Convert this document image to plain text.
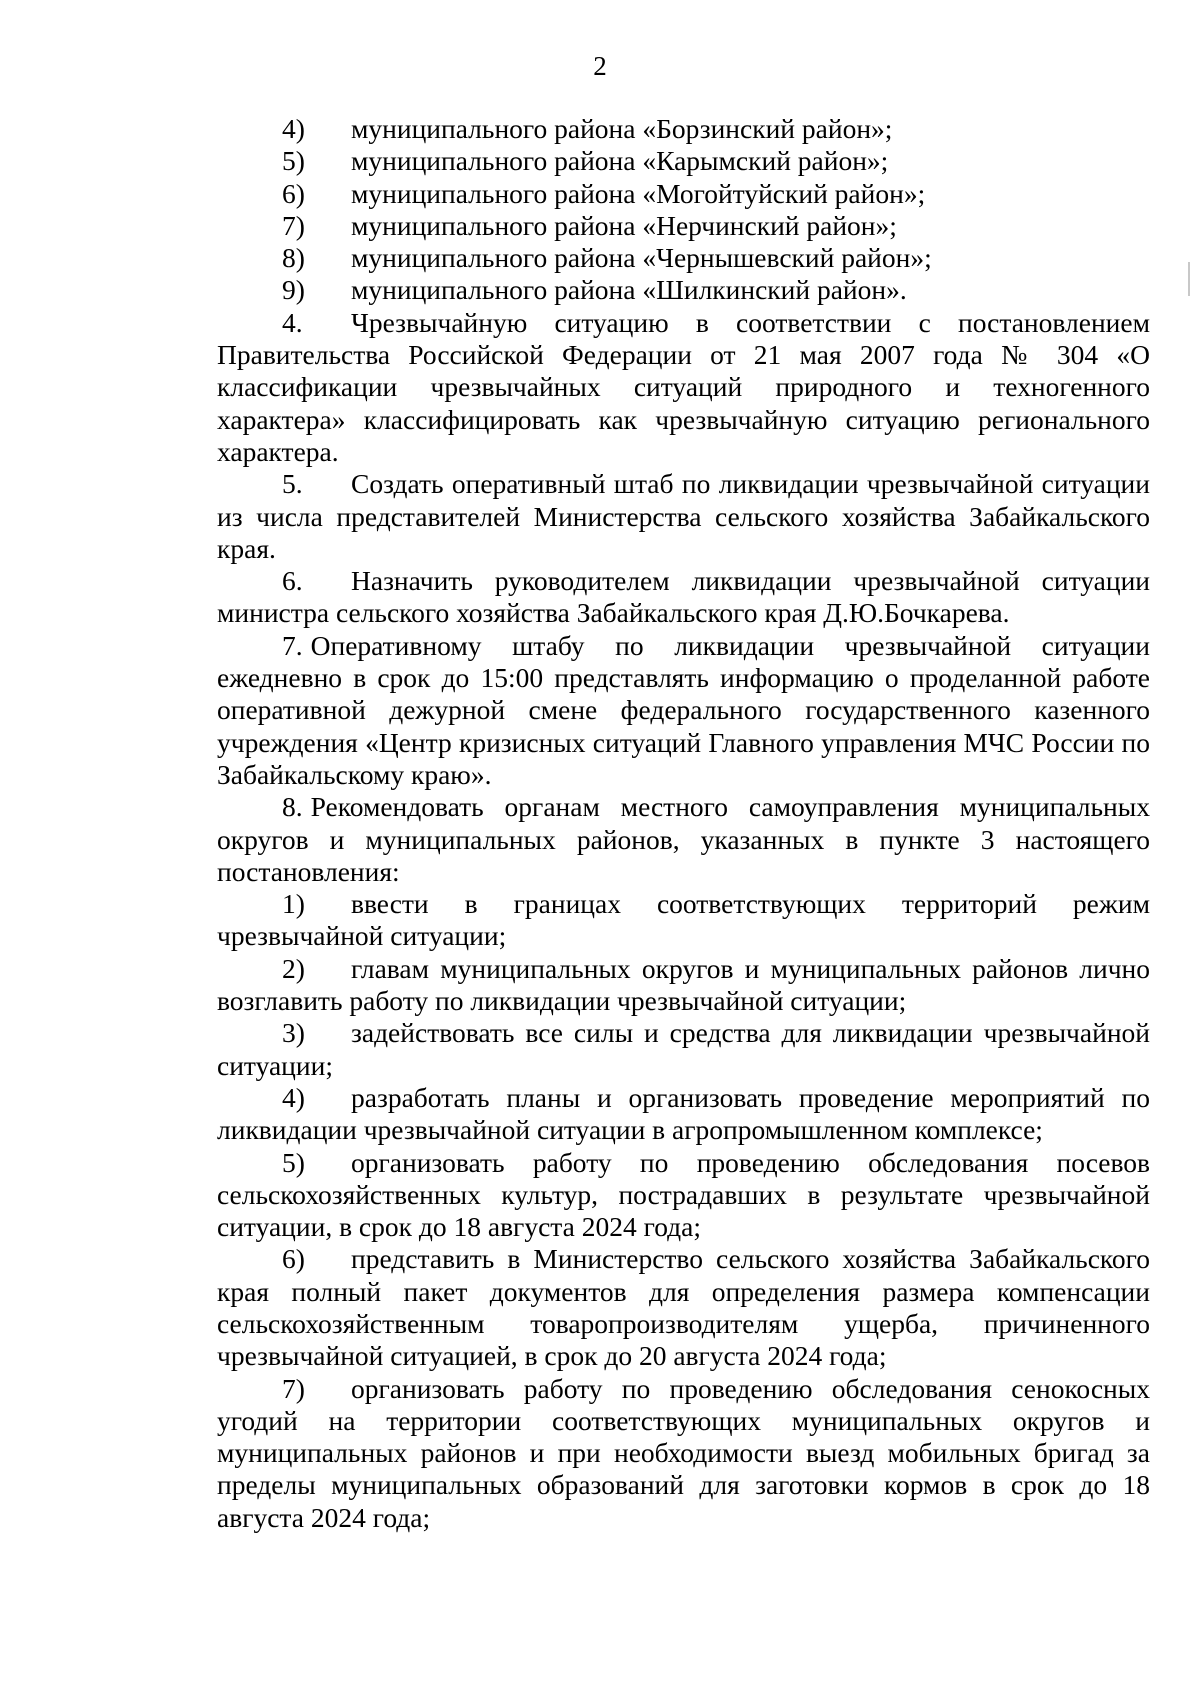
2
4)	муниципального района «Борзинский район»;
5)	муниципального района «Карымский район»;
6)	муниципального района «Могойтуйский район»;
7)	муниципального района «Нерчинский район»;
8)	муниципального района «Чернышевский район»;
9)	муниципального района «Шилкинский район».

4. Чрезвычайную ситуацию в соответствии с постановлением Правительства Российской Федерации от 21 мая 2007 года № 304 «О классификации чрезвычайных ситуаций природного и техногенного характера» классифицировать как чрезвычайную ситуацию регионального характера.

5. Создать оперативный штаб по ликвидации чрезвычайной ситуации из числа представителей Министерства сельского хозяйства Забайкальского края.

6. Назначить руководителем ликвидации чрезвычайной ситуации министра сельского хозяйства Забайкальского края Д.Ю.Бочкарева.

7. Оперативному штабу по ликвидации чрезвычайной ситуации ежедневно в срок до 15:00 представлять информацию о проделанной работе оперативной дежурной смене федерального государственного казенного учреждения «Центр кризисных ситуаций Главного управления МЧС России по Забайкальскому краю».

8. Рекомендовать органам местного самоуправления муниципальных округов и муниципальных районов, указанных в пункте 3 настоящего постановления:

1) ввести в границах соответствующих территорий режим чрезвычайной ситуации;

2) главам муниципальных округов и муниципальных районов лично возглавить работу по ликвидации чрезвычайной ситуации;

3) задействовать все силы и средства для ликвидации чрезвычайной ситуации;

4) разработать планы и организовать проведение мероприятий по ликвидации чрезвычайной ситуации в агропромышленном комплексе;

5) организовать работу по проведению обследования посевов сельскохозяйственных культур, пострадавших в результате чрезвычайной ситуации, в срок до 18 августа 2024 года;

6) представить в Министерство сельского хозяйства Забайкальского края полный пакет документов для определения размера компенсации сельскохозяйственным товаропроизводителям ущерба, причиненного чрезвычайной ситуацией, в срок до 20 августа 2024 года;

7) организовать работу по проведению обследования сенокосных угодий на территории соответствующих муниципальных округов и муниципальных районов и при необходимости выезд мобильных бригад за пределы муниципальных образований для заготовки кормов в срок до 18 августа 2024 года;
